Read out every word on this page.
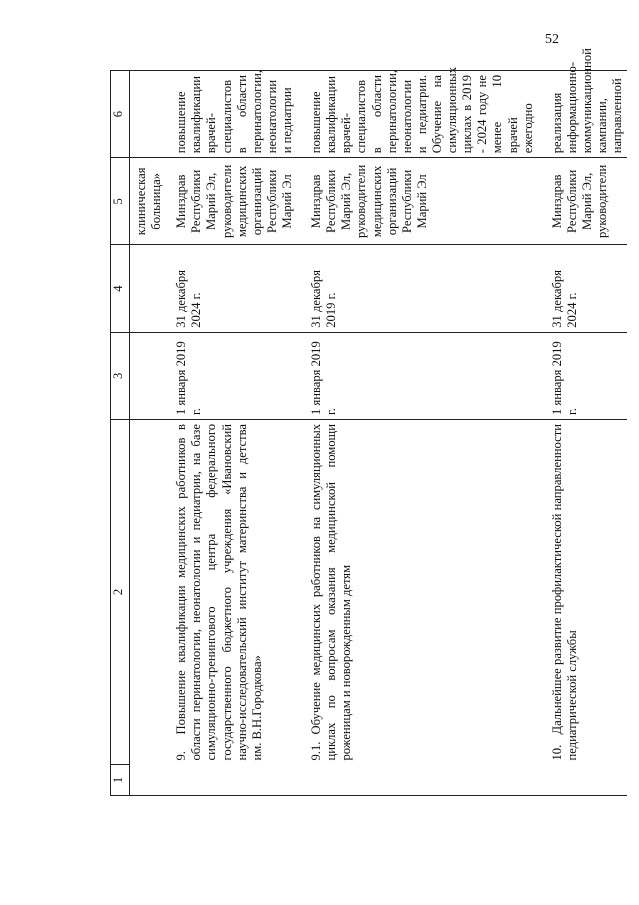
52
1	2	3	4	5	6
				клиническая больница»	
	9.Повышение квалификации медицинских работников в области перинатологии, неонатологии и педиатрии, на базе симуляционно-тренингового центра федерального государственного бюджетного учреждения «Ивановский научно-исследовательский институт материнства и детства им. В.Н.Городкова»	1 января 2019 г.	31 декабря 2024 г.	Минздрав Республики Марий Эл, руководители медицинских организаций Республики Марий Эл	повышение квалификации врачей-специалистов в области перинатологии, неонатологии и педиатрии
	9.1.Обучение медицинских работников на симуляционных циклах по вопросам оказания медицинской помощи роженицам и новорожденным детям	1 января 2019 г.	31 декабря 2019 г.	Минздрав Республики Марий Эл, руководители медицинских организаций Республики Марий Эл	повышение квалификации врачей-специалистов в области перинатологии, неонатологии и педиатрии. Обучение на симуляционных циклах в 2019 - 2024 году не менее 10 врачей ежегодно
	10.Дальнейшее развитие профилактической направленности педиатрической службы	1 января 2019 г.	31 декабря 2024 г.	Минздрав Республики Марий Эл, руководители	реализация информационно-коммуникационной кампании, направленной
